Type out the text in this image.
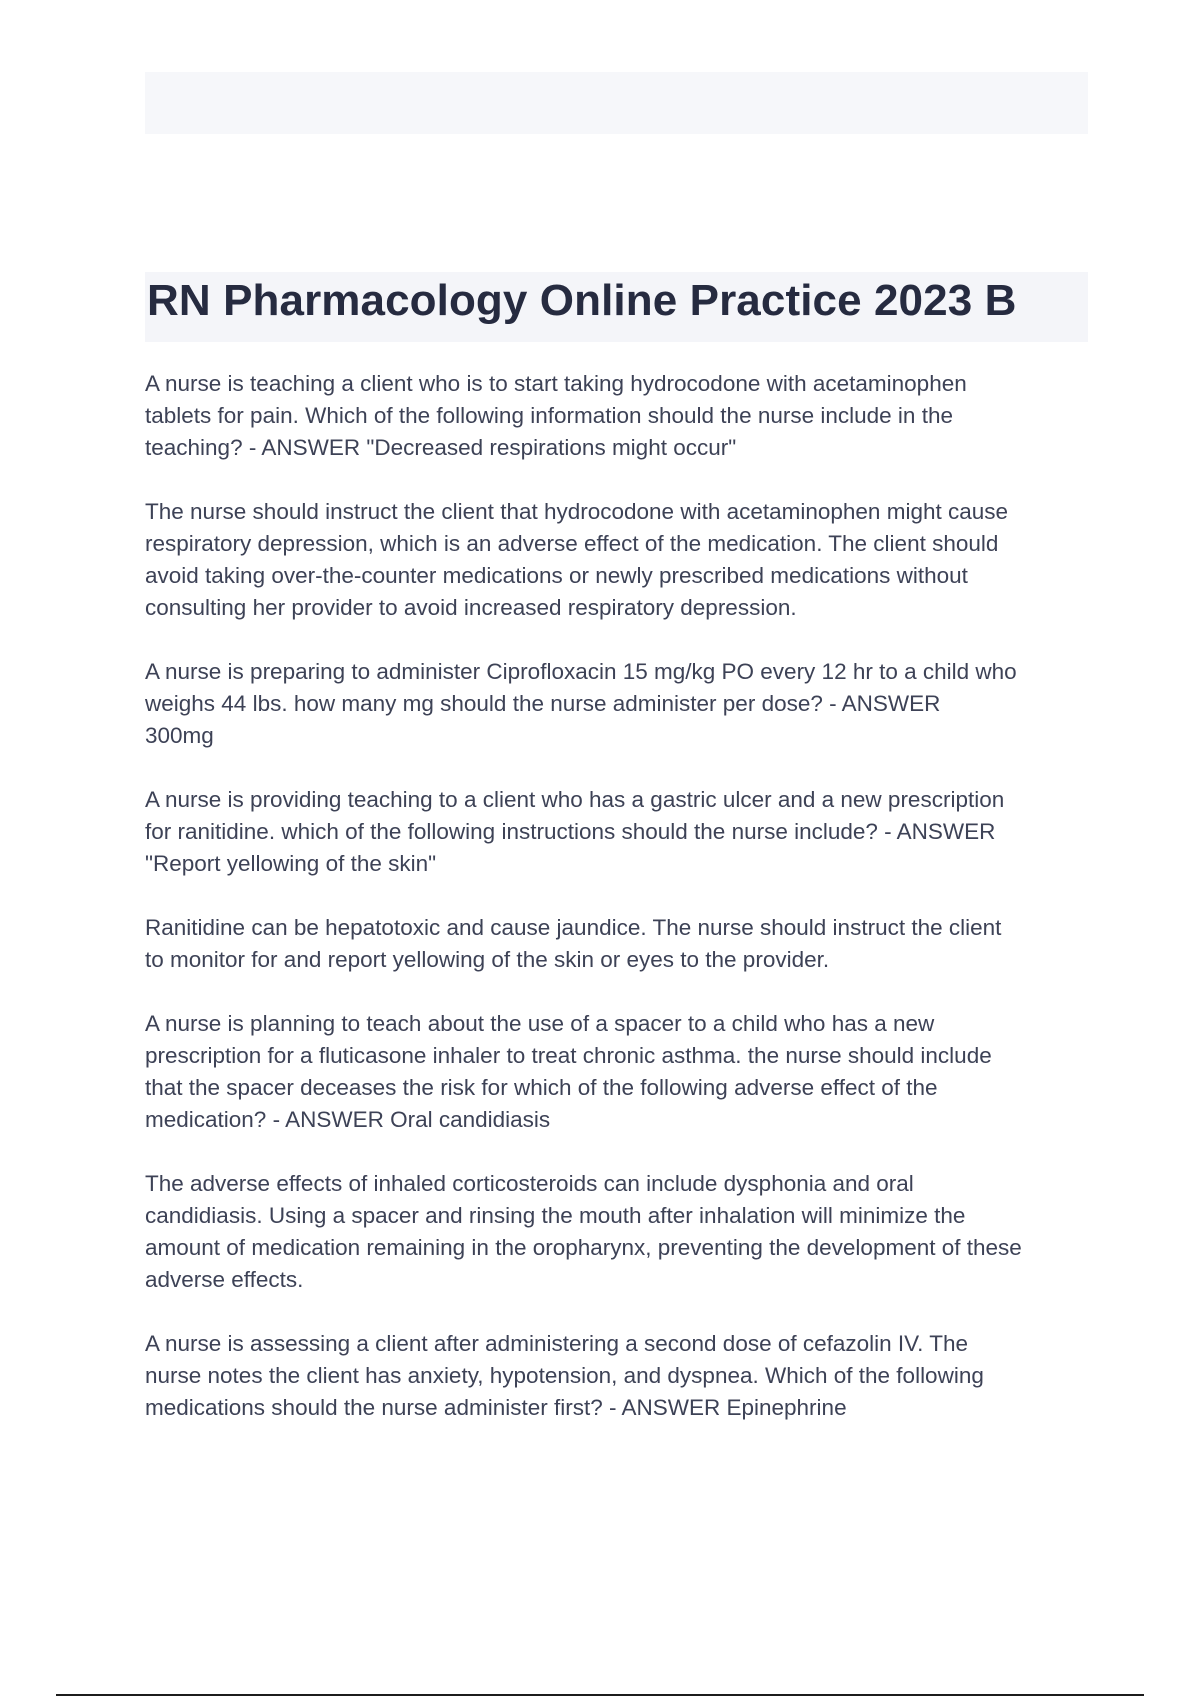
RN Pharmacology Online Practice 2023 B

A nurse is teaching a client who is to start taking hydrocodone with acetaminophen
tablets for pain. Which of the following information should the nurse include in the
teaching? - ANSWER "Decreased respirations might occur"

The nurse should instruct the client that hydrocodone with acetaminophen might cause
respiratory depression, which is an adverse effect of the medication. The client should
avoid taking over-the-counter medications or newly prescribed medications without
consulting her provider to avoid increased respiratory depression.

A nurse is preparing to administer Ciprofloxacin 15 mg/kg PO every 12 hr to a child who
weighs 44 lbs. how many mg should the nurse administer per dose? - ANSWER
300mg

A nurse is providing teaching to a client who has a gastric ulcer and a new prescription
for ranitidine. which of the following instructions should the nurse include? - ANSWER
"Report yellowing of the skin"

Ranitidine can be hepatotoxic and cause jaundice. The nurse should instruct the client
to monitor for and report yellowing of the skin or eyes to the provider.

A nurse is planning to teach about the use of a spacer to a child who has a new
prescription for a fluticasone inhaler to treat chronic asthma. the nurse should include
that the spacer deceases the risk for which of the following adverse effect of the
medication? - ANSWER Oral candidiasis

The adverse effects of inhaled corticosteroids can include dysphonia and oral
candidiasis. Using a spacer and rinsing the mouth after inhalation will minimize the
amount of medication remaining in the oropharynx, preventing the development of these
adverse effects.

A nurse is assessing a client after administering a second dose of cefazolin IV. The
nurse notes the client has anxiety, hypotension, and dyspnea. Which of the following
medications should the nurse administer first? - ANSWER Epinephrine
